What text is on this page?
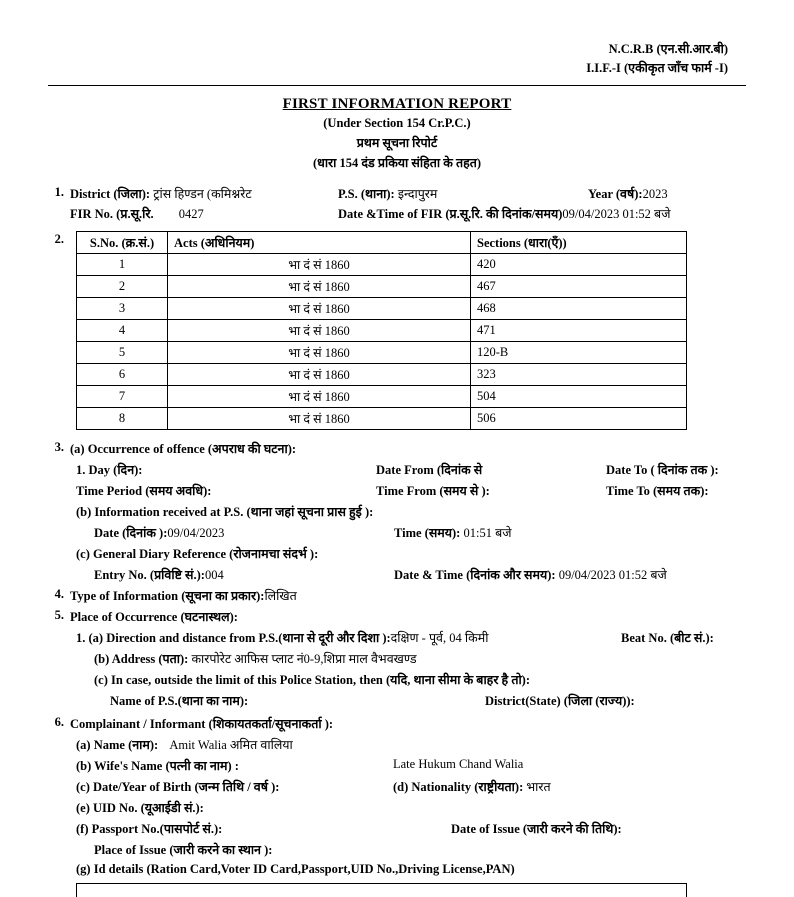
N.C.R.B (एन.सी.आर.बी)
I.I.F.-I (एकीकृत जाँच फार्म -I)
FIRST INFORMATION REPORT
(Under Section 154 Cr.P.C.)
प्रथम सूचना रिपोर्ट
(धारा 154 दंड प्रकिया संहिता के तहत)
1. District (जिला): ट्रांस हिण्डन (कमिश्नरेट	P.S. (थाना): इन्दापुरम	Year (वर्ष):2023
FIR No. (प्र.सू.रि. 0427	Date &Time of FIR (प्र.सू.रि. की दिनांक/समय)09/04/2023 01:52 बजे
2.	S.No. (क्र.सं.)	Acts (अधिनियम)	Sections (धारा(एँ))
1	भा दं सं 1860	420
2	भा दं सं 1860	467
3	भा दं सं 1860	468
4	भा दं सं 1860	471
5	भा दं सं 1860	120-B
6	भा दं सं 1860	323
7	भा दं सं 1860	504
8	भा दं सं 1860	506
3. (a) Occurrence of offence (अपराध की घटना):
1. Day (दिन):	Date From (दिनांक से	Date To ( दिनांक तक ):
Time Period (समय अवधि):	Time From (समय से ):	Time To (समय तक):
(b) Information received at P.S. (थाना जहां सूचना प्रास हुई ):
Date (दिनांक ):09/04/2023	Time (समय): 01:51 बजे
(c) General Diary Reference (रोजनामचा संदर्भ ):
Entry No. (प्रविष्टि सं.):004	Date & Time (दिनांक और समय): 09/04/2023 01:52 बजे
4. Type of Information (सूचना का प्रकार):लिखित
5. Place of Occurrence (घटनास्थल):
1. (a) Direction and distance from P.S.(थाना से दूरी और दिशा ):दक्षिण - पूर्व, 04 किमी	Beat No. (बीट सं.):
(b) Address (पता): कारपोरेट आफिस प्लाट नं0-9,शिप्रा माल वैभवखण्ड
(c) In case, outside the limit of this Police Station, then (यदि, थाना सीमा के बाहर है तो):
Name of P.S.(थाना का नाम):	District(State) (जिला (राज्य)):
6. Complainant / Informant (शिकायतकर्ता/सूचनाकर्ता ):
(a) Name (नाम): Amit Walia अमित वालिया
(b) Wife's Name (पत्नी का नाम) :	Late Hukum Chand Walia
(c) Date/Year of Birth (जन्म तिथि / वर्ष ):	(d) Nationality (राष्ट्रीयता): भारत
(e) UID No. (यूआईडी सं.):
(f) Passport No.(पासपोर्ट सं.):	Date of Issue (जारी करने की तिथि):
Place of Issue (जारी करने का स्थान ):
(g) Id details (Ration Card,Voter ID Card,Passport,UID No.,Driving License,PAN)
